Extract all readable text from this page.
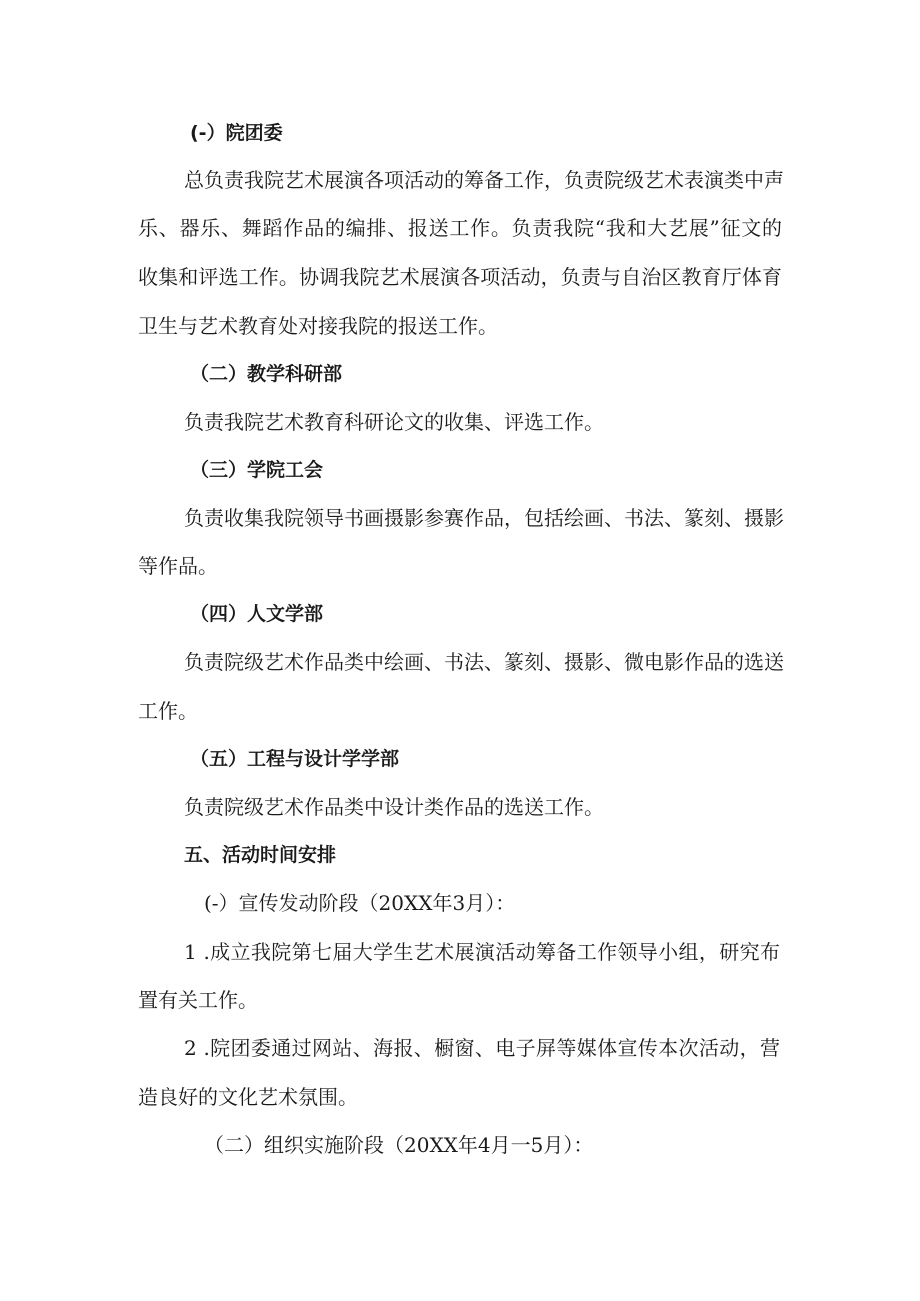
(-）院团委

总负责我院艺术展演各项活动的筹备工作，负责院级艺术表演类中声

乐、器乐、舞蹈作品的编排、报送工作。负责我院“我和大艺展”征文的

收集和评选工作。协调我院艺术展演各项活动，负责与自治区教育厅体育

卫生与艺术教育处对接我院的报送工作。

（二）教学科研部

负责我院艺术教育科研论文的收集、评选工作。

（三）学院工会

负责收集我院领导书画摄影参赛作品，包括绘画、书法、篆刻、摄影

等作品。

（四）人文学部

负责院级艺术作品类中绘画、书法、篆刻、摄影、微电影作品的选送

工作。

（五）工程与设计学学部

负责院级艺术作品类中设计类作品的选送工作。

五、活动时间安排

(-）宣传发动阶段（20XX年3月）：

1 .成立我院第七届大学生艺术展演活动筹备工作领导小组，研究布

置有关工作。

2 .院团委通过网站、海报、橱窗、电子屏等媒体宣传本次活动，营

造良好的文化艺术氛围。

（二）组织实施阶段（20XX年4月一5月）：
